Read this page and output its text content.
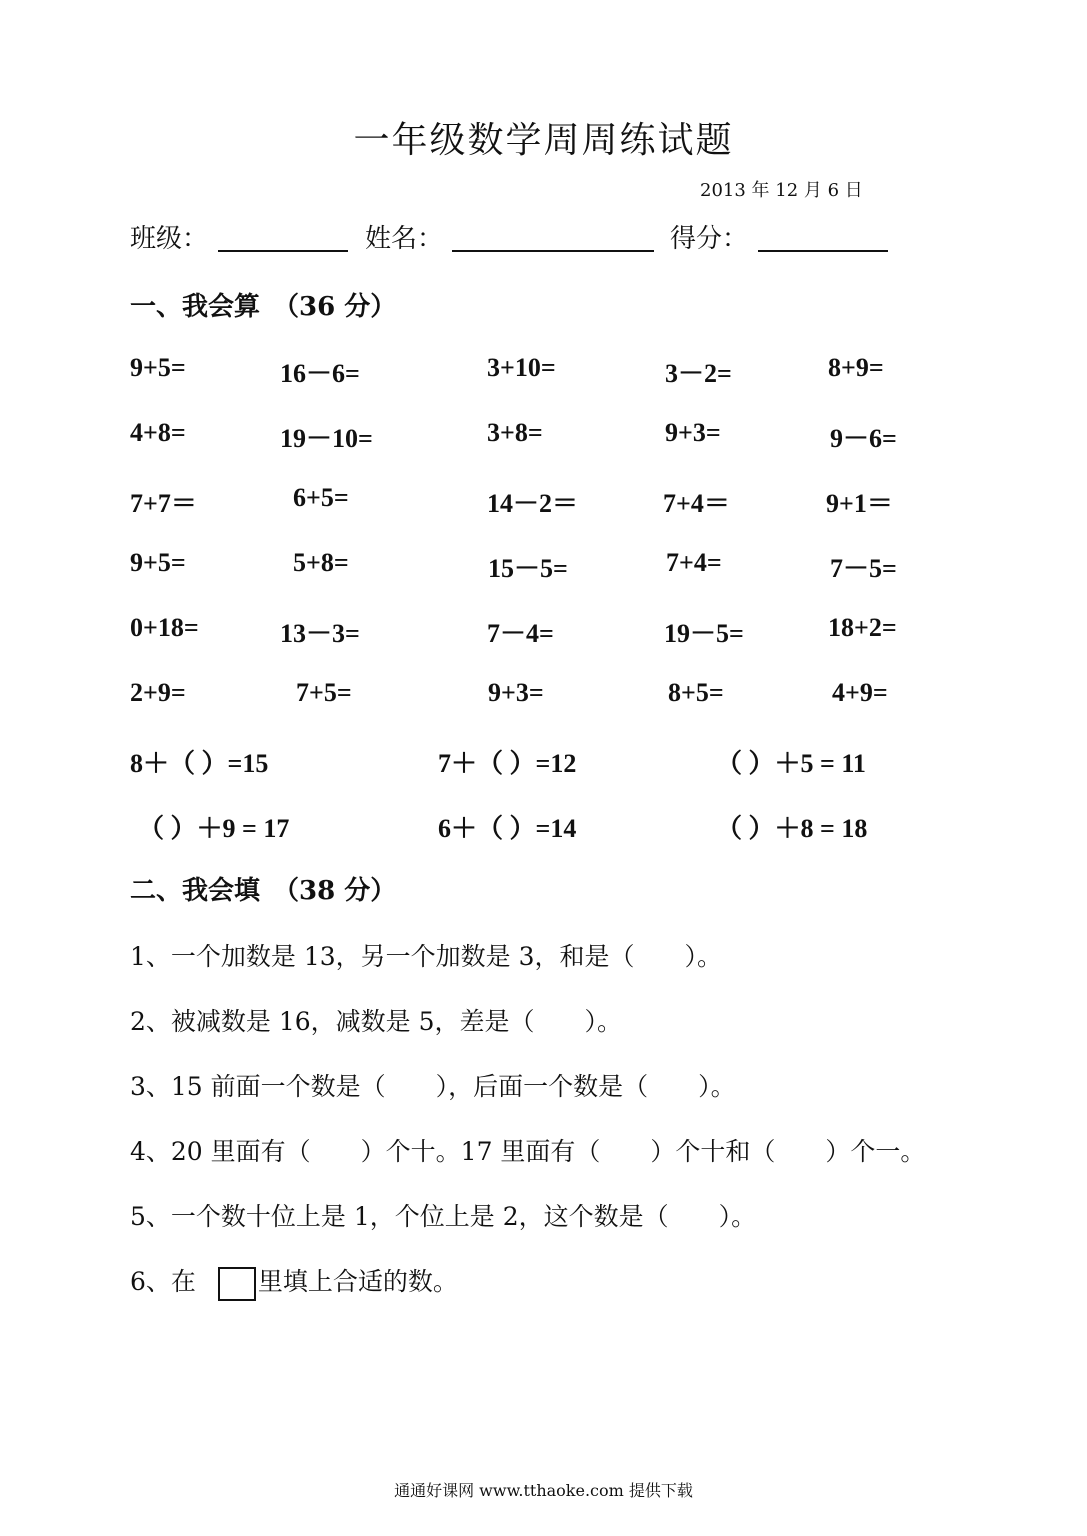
一年级数学周周练试题
2013 年 12 月 6 日
班级：	姓名：	得分：
一、我会算　（36 分）
9+5=	16－6=	3+10=	3－2=	8+9=
4+8=	19－10=	3+8=	9+3=	9－6=
7+7＝	6+5=	14－2＝	7+4＝	9+1＝
9+5=	5+8=	15－5=	7+4=	7－5=
0+18=	13－3=	7－4=	19－5=	18+2=
2+9=	7+5=	9+3=	8+5=	4+9=
8＋（ ）=15	7＋（ ）=12	（ ）＋5 = 11
（ ）＋9 = 17	6＋（ ）=14	（ ）＋8 = 18
二、我会填　（38 分）
1、一个加数是 13，另一个加数是 3，和是（　　）。
2、被减数是 16，减数是 5，差是（　　）。
3、15 前面一个数是（　　），后面一个数是（　　）。
4、20 里面有（　　）个十。17 里面有（　　）个十和（　　）个一。
5、一个数十位上是 1，个位上是 2，这个数是（　　）。
6、在 里填上合适的数。
通通好课网 www.tthaoke.com 提供下载
